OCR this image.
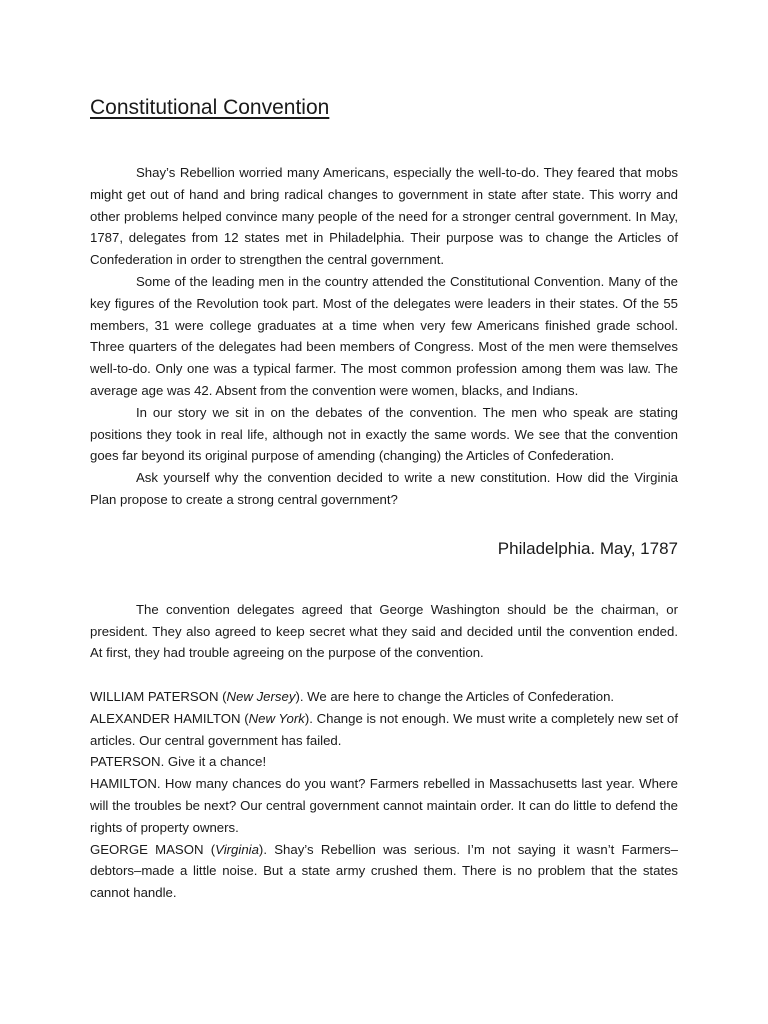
Constitutional Convention

Shay’s Rebellion worried many Americans, especially the well-to-do. They feared that mobs might get out of hand and bring radical changes to government in state after state. This worry and other problems helped convince many people of the need for a stronger central government. In May, 1787, delegates from 12 states met in Philadelphia. Their purpose was to change the Articles of Confederation in order to strengthen the central government.

Some of the leading men in the country attended the Constitutional Convention. Many of the key figures of the Revolution took part. Most of the delegates were leaders in their states. Of the 55 members, 31 were college graduates at a time when very few Americans finished grade school. Three quarters of the delegates had been members of Congress. Most of the men were themselves well-to-do. Only one was a typical farmer. The most common profession among them was law. The average age was 42. Absent from the convention were women, blacks, and Indians.

In our story we sit in on the debates of the convention. The men who speak are stating positions they took in real life, although not in exactly the same words. We see that the convention goes far beyond its original purpose of amending (changing) the Articles of Confederation.

Ask yourself why the convention decided to write a new constitution. How did the Virginia Plan propose to create a strong central government?

Philadelphia. May, 1787

The convention delegates agreed that George Washington should be the chairman, or president. They also agreed to keep secret what they said and decided until the convention ended. At first, they had trouble agreeing on the purpose of the convention.

WILLIAM PATERSON (New Jersey). We are here to change the Articles of Confederation.

ALEXANDER HAMILTON (New York). Change is not enough. We must write a completely new set of articles. Our central government has failed.

PATERSON. Give it a chance!

HAMILTON. How many chances do you want? Farmers rebelled in Massachusetts last year. Where will the troubles be next? Our central government cannot maintain order. It can do little to defend the rights of property owners.

GEORGE MASON (Virginia). Shay’s Rebellion was serious. I’m not saying it wasn’t Farmers–debtors–made a little noise. But a state army crushed them. There is no problem that the states cannot handle.
